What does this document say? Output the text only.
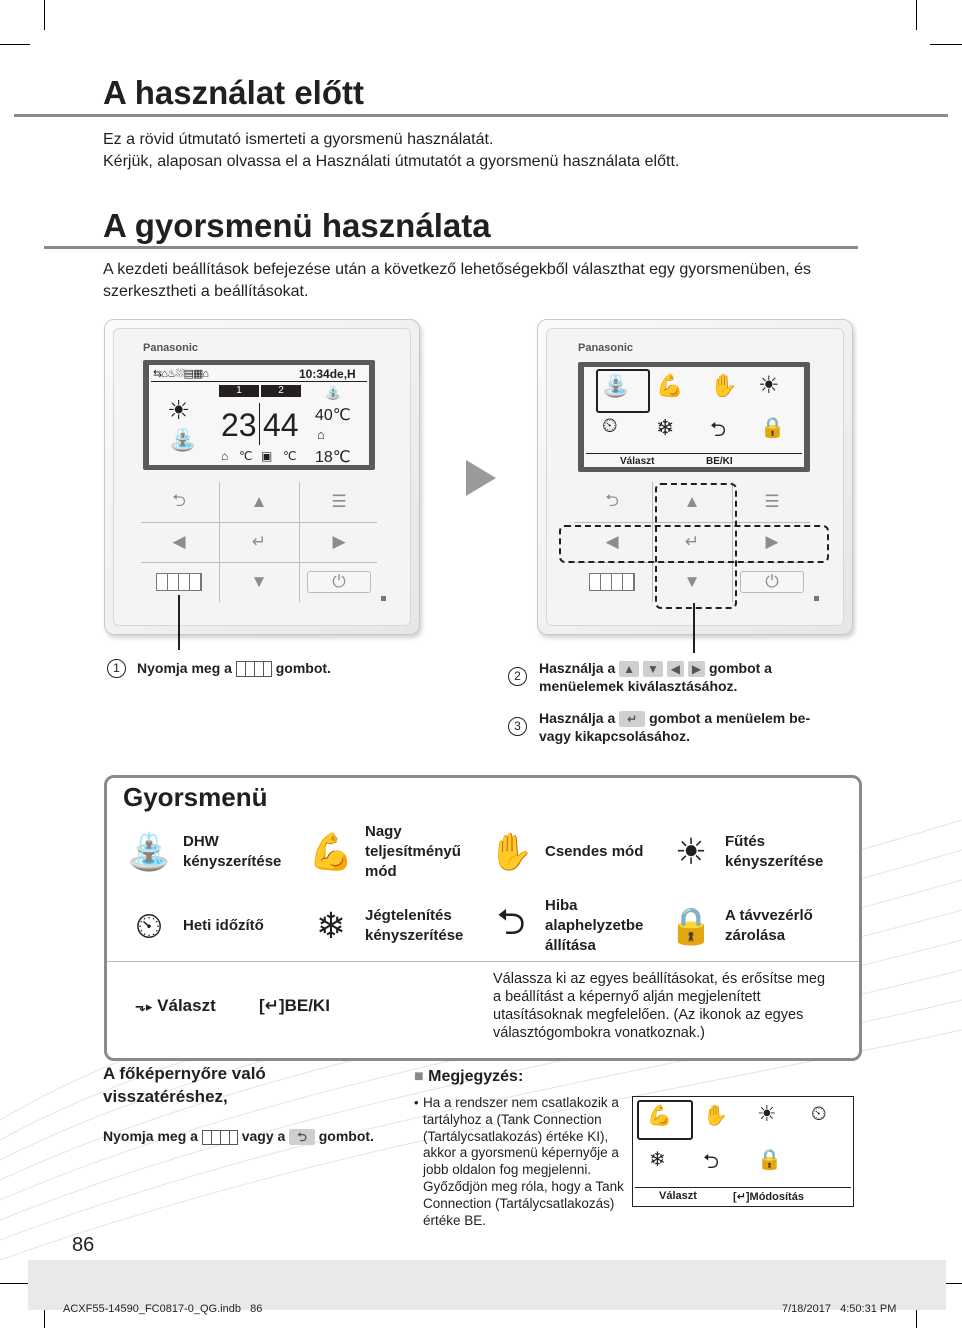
A használat előtt
Ez a rövid útmutató ismerteti a gyorsmenü használatát.
Kérjük, alaposan olvassa el a Használati útmutatót a gyorsmenü használata előtt.
A gyorsmenü használata
A kezdeti beállítások befejezése után a következő lehetőségekből választhat egy gyorsmenüben, és szerkesztheti a beállításokat.
Panasonic
⇆⌂♨⛆▤▦⌂	10:34de,H
1	2
☀
⛲ 23 44
⛲
40℃
⌂
18℃
⌂ ℃ ▣ ℃
⮌	▲	☰
◀	↵	▶
▼	⏻
Panasonic
⛲ 💪 ✋ ☀
⏲ ❄ ⮌ 🔒
Választ	BE/KI
⮌	▲	☰
◀	↵	▶
▼	⏻
1	Nyomja meg a	gombot.	2	Használja a ▲ ▼ ◀ ▶ gombot a
menüelemek kiválasztásához.
3	Használja a ↵ gombot a menüelem be-
vagy kikapcsolásához.
Gyorsmenü
⛲ DHW kényszerítése 💪 Nagy teljesítményű mód	✋ Csendes mód ☀	Fűtés kényszerítése
⏲	Heti időzítő	❄	Jégtelenítés kényszerítése ⮌	Hiba alaphelyzetbe állítása	🔒 A távvezérlő zárolása
⬎▸ Választ	[↵]BE/KI
Válassza ki az egyes beállításokat, és erősítse meg a beállítást a képernyő alján megjelenített utasításoknak megfelelően. (Az ikonok az egyes választógombokra vonatkoznak.)
A főképernyőre való visszatéréshez,
Nyomja meg a	vagy a ⮌ gombot.
■ Megjegyzés:
• Ha a rendszer nem csatlakozik a tartályhoz a (Tank Connection (Tartálycsatlakozás) értéke KI), akkor a gyorsmenü képernyője a jobb oldalon fog megjelenni. Győződjön meg róla, hogy a Tank Connection (Tartálycsatlakozás) értéke BE.
💪 ✋ ☀ ⏲
❄ ⮌ 🔒
Választ	[↵]Módosítás
86
ACXF55-14590_FC0817-0_QG.indb   86	7/18/2017   4:50:31 PM
